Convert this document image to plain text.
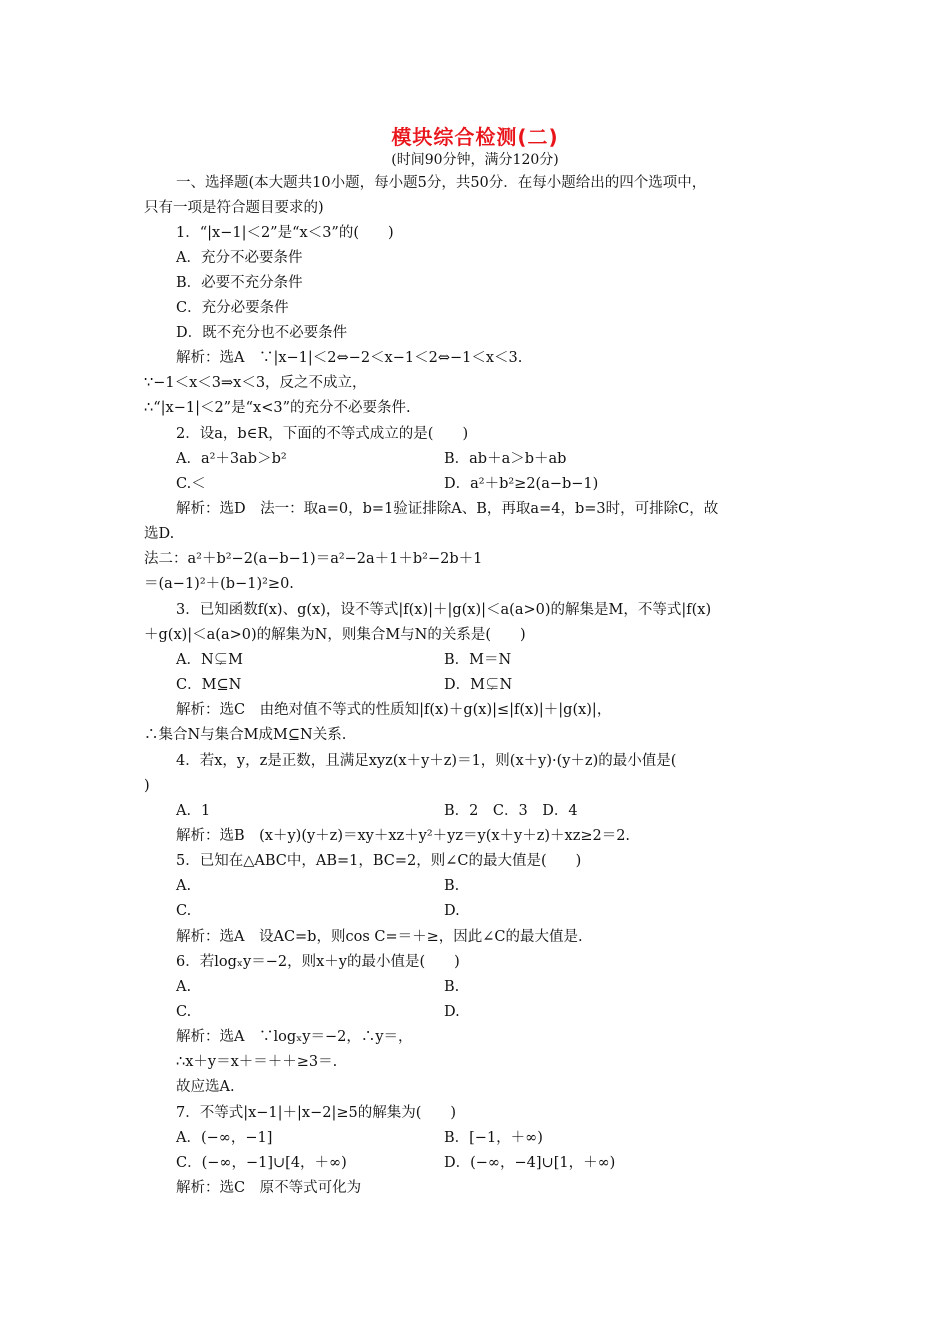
模块综合检测(二)
(时间90分钟，满分120分)
一、选择题(本大题共10小题，每小题5分，共50分．在每小题给出的四个选项中，
只有一项是符合题目要求的)
1．“|x−1|＜2”是“x＜3”的(　　)
A．充分不必要条件
B．必要不充分条件
C．充分必要条件
D．既不充分也不必要条件
解析：选A　∵|x−1|＜2⇔−2＜x−1＜2⇔−1＜x＜3.
∵−1＜x＜3⇒x＜3，反之不成立，
∴“|x−1|＜2”是“x<3”的充分不必要条件.
2．设a，b∈R，下面的不等式成立的是(　　)
A．a²＋3ab＞b²	B．ab＋a＞b＋ab
C.＜	D．a²＋b²≥2(a−b−1)
解析：选D　法一：取a=0，b=1验证排除A、B，再取a=4，b=3时，可排除C，故
选D.
法二：a²＋b²−2(a−b−1)＝a²−2a＋1＋b²−2b＋1
＝(a−1)²＋(b−1)²≥0.
3．已知函数f(x)、g(x)，设不等式|f(x)|＋|g(x)|＜a(a>0)的解集是M，不等式|f(x)
＋g(x)|＜a(a>0)的解集为N，则集合M与N的关系是(　　)
A．N⊊M	B．M＝N
C．M⊆N	D．M⊊N
解析：选C　由绝对值不等式的性质知|f(x)＋g(x)|≤|f(x)|＋|g(x)|，
∴集合N与集合M成M⊆N关系.
4．若x，y，z是正数，且满足xyz(x＋y＋z)＝1，则(x＋y)·(y＋z)的最小值是(
)
A．1	B．2　C．3　D．4
解析：选B　(x＋y)(y＋z)＝xy＋xz＋y²＋yz＝y(x＋y＋z)＋xz≥2＝2.
5．已知在△ABC中，AB=1，BC=2，则∠C的最大值是(　　)
A.	B.
C.	D.
解析：选A　设AC=b，则cos C=＝＋≥，因此∠C的最大值是.
6．若logₓy＝−2，则x＋y的最小值是(　　)
A.	B.
C.	D.
解析：选A　∵logₓy＝−2，∴y＝，
∴x＋y＝x＋＝＋＋≥3＝.
故应选A.
7．不等式|x−1|＋|x−2|≥5的解集为(　　)
A．(−∞，−1]	B．[−1，＋∞)
C．(−∞，−1]∪[4，＋∞)	D．(−∞，−4]∪[1，＋∞)
解析：选C　原不等式可化为
